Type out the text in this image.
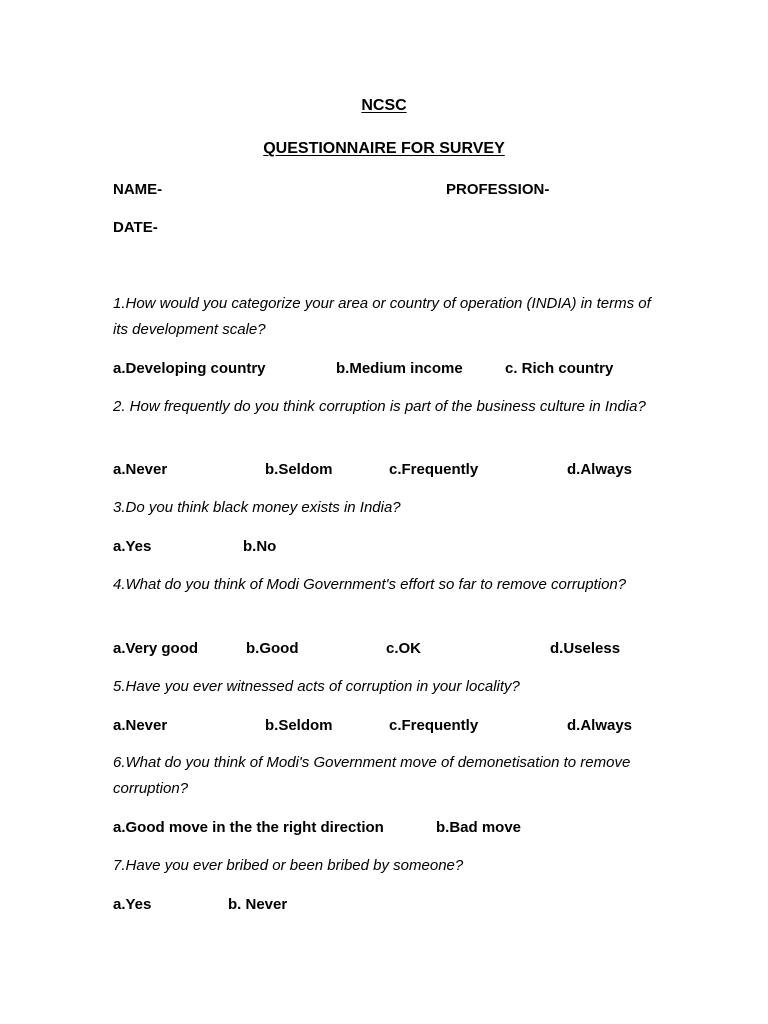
NCSC
QUESTIONNAIRE FOR SURVEY
NAME-	PROFESSION-
DATE-
1.How would you categorize your area or country of operation (INDIA) in terms of its development scale?
a.Developing country	b.Medium income	c. Rich country
2. How frequently do you think corruption is part of the business culture in India?
a.Never	b.Seldom	c.Frequently	d.Always
3.Do you think black money exists in India?
a.Yes	b.No
4.What do you think of Modi Government's effort so far to remove corruption?
a.Very good	b.Good	c.OK	d.Useless
5.Have you ever witnessed acts of corruption in your locality?
a.Never	b.Seldom	c.Frequently	d.Always
6.What do you think of Modi's Government move of demonetisation to remove corruption?
a.Good move in the the right direction	b.Bad move
7.Have you ever bribed or been bribed by someone?
a.Yes	b. Never
